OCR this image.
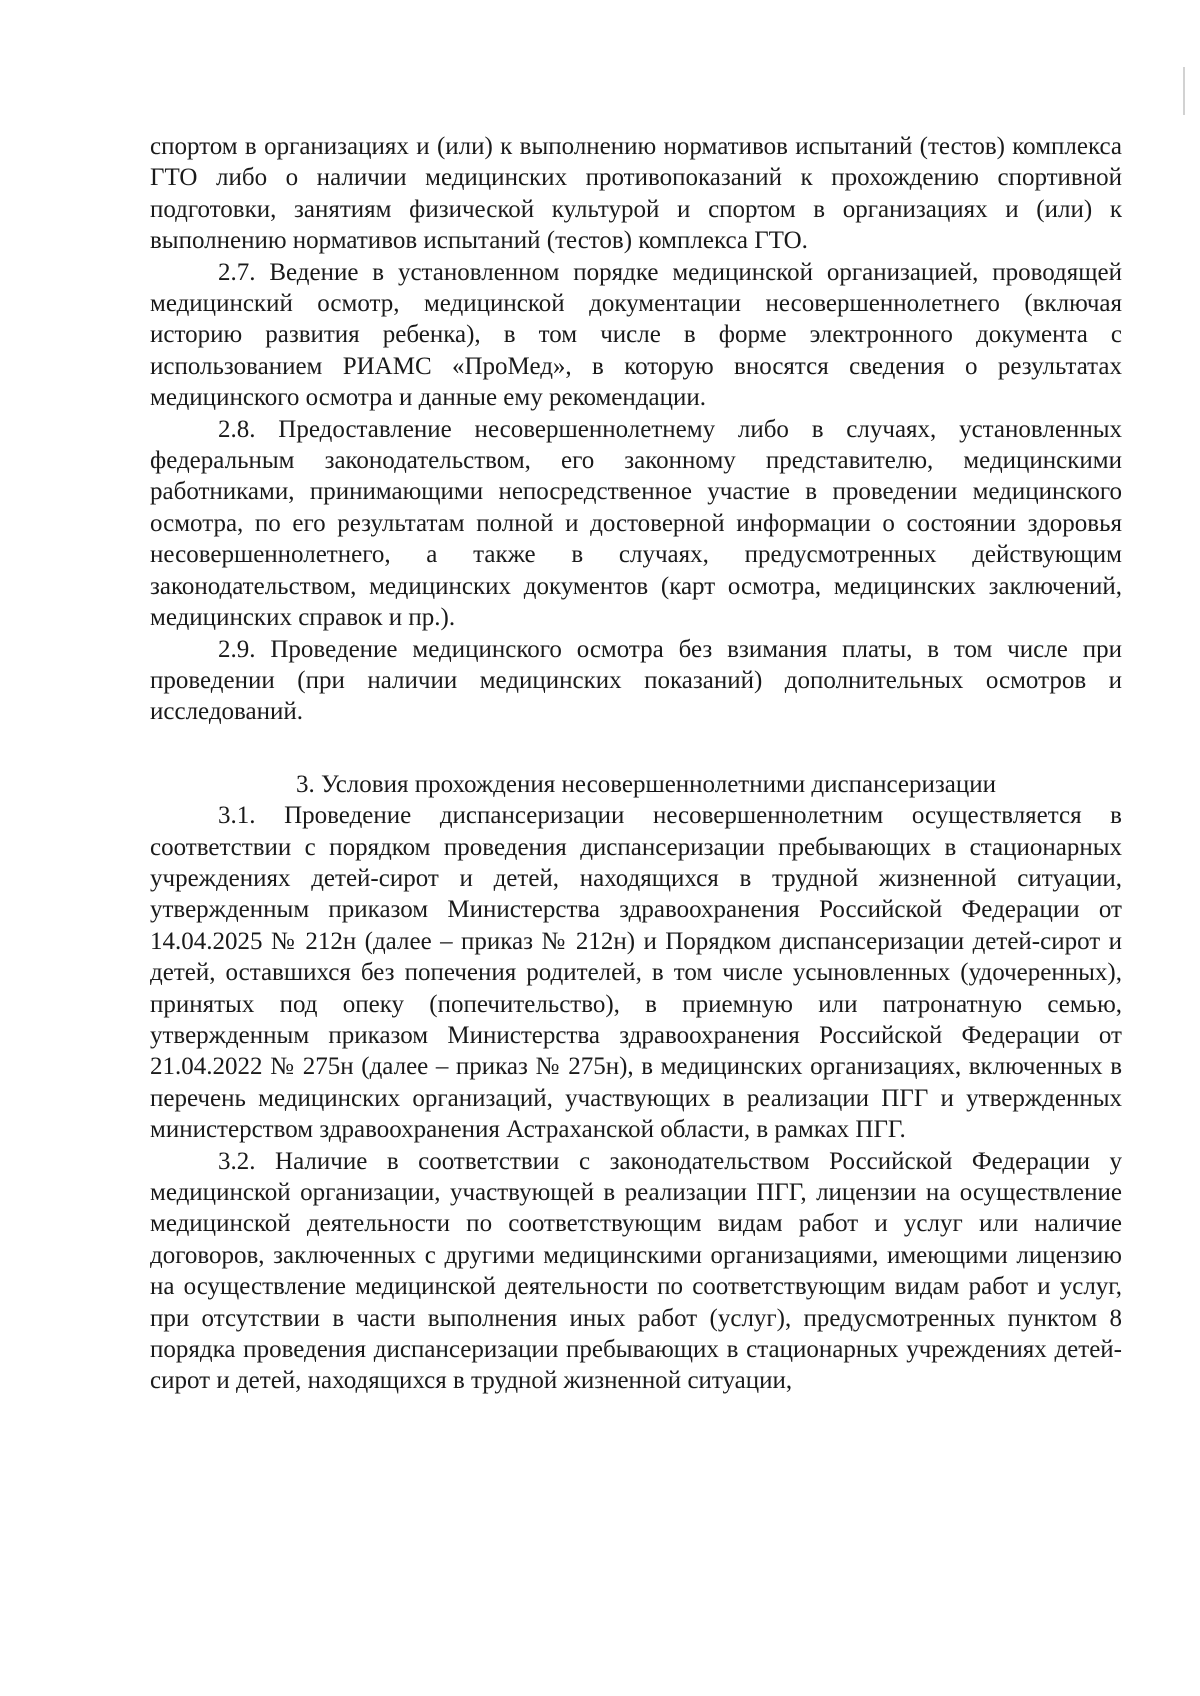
спортом в организациях и (или) к выполнению нормативов испытаний (тестов) комплекса ГТО либо о наличии медицинских противопоказаний к прохождению спортивной подготовки, занятиям физической культурой и спортом в организациях и (или) к выполнению нормативов испытаний (тестов) комплекса ГТО.

2.7. Ведение в установленном порядке медицинской организацией, проводящей медицинский осмотр, медицинской документации несовершеннолетнего (включая историю развития ребенка), в том числе в форме электронного документа с использованием РИАМС «ПроМед», в которую вносятся сведения о результатах медицинского осмотра и данные ему рекомендации.

2.8. Предоставление несовершеннолетнему либо в случаях, установленных федеральным законодательством, его законному представителю, медицинскими работниками, принимающими непосредственное участие в проведении медицинского осмотра, по его результатам полной и достоверной информации о состоянии здоровья несовершеннолетнего, а также в случаях, предусмотренных действующим законодательством, медицинских документов (карт осмотра, медицинских заключений, медицинских справок и пр.).

2.9. Проведение медицинского осмотра без взимания платы, в том числе при проведении (при наличии медицинских показаний) дополнительных осмотров и исследований.

3. Условия прохождения несовершеннолетними диспансеризации

3.1. Проведение диспансеризации несовершеннолетним осуществляется в соответствии с порядком проведения диспансеризации пребывающих в стационарных учреждениях детей-сирот и детей, находящихся в трудной жизненной ситуации, утвержденным приказом Министерства здравоохранения Российской Федерации от 14.04.2025 № 212н (далее – приказ № 212н) и Порядком диспансеризации детей-сирот и детей, оставшихся без попечения родителей, в том числе усыновленных (удочеренных), принятых под опеку (попечительство), в приемную или патронатную семью, утвержденным приказом Министерства здравоохранения Российской Федерации от 21.04.2022 № 275н (далее – приказ № 275н), в медицинских организациях, включенных в перечень медицинских организаций, участвующих в реализации ПГГ и утвержденных министерством здравоохранения Астраханской области, в рамках ПГГ.

3.2. Наличие в соответствии с законодательством Российской Федерации у медицинской организации, участвующей в реализации ПГГ, лицензии на осуществление медицинской деятельности по соответствующим видам работ и услуг или наличие договоров, заключенных с другими медицинскими организациями, имеющими лицензию на осуществление медицинской деятельности по соответствующим видам работ и услуг, при отсутствии в части выполнения иных работ (услуг), предусмотренных пунктом 8 порядка проведения диспансеризации пребывающих в стационарных учреждениях детей-сирот и детей, находящихся в трудной жизненной ситуации,
